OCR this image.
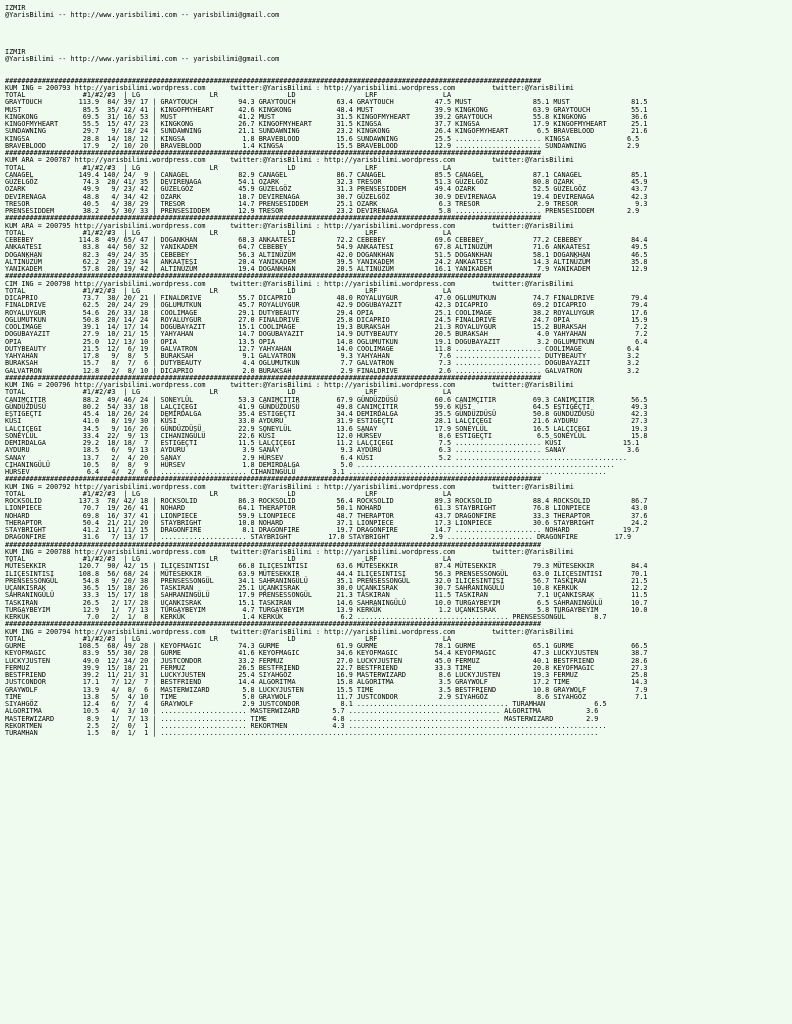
IZMIR
@YarisBilimi -- http://www.yarisbilimi.com -- yarisbilimi@gmail.com
IZMIR
@YarisBilimi -- http://www.yarisbilimi.com -- yarisbilimi@gmail.com
###################################################################################################################################
KUM ING = 200793 http://yarisbilimi.wordpress.com      twitter:@YarisBilimi : http://yarisbilimi.wordpress.com         twitter:@YarisBilimi
TOTAL              #1/#2/#3  | LG                 LR                 LD                 LRF                LA
GRAYTOUCH         113.9  84/ 39/ 17 | GRAYTOUCH          94.3 GRAYTOUCH          63.4 GRAYTOUCH          47.5 MUST               85.1 MUST               81.5
MUST               85.5  35/ 42/ 41 | KINGOFMYHEART      42.6 KINGKONG           48.4 MUST               39.9 KINGKONG           63.9 GRAYTOUCH          55.1
KINGKONG           69.5  31/ 16/ 53 | MUST               41.2 MUST               31.5 KINGOFMYHEART      39.2 GRAYTOUCH          55.8 KINGKONG           36.6
KINGOFMYHEART      55.5  15/ 47/ 23 | KINGKONG           26.7 KINGOFMYHEART      31.5 KINGSA             37.7 KINGSA             17.9 KINGOFMYHEART      25.1
SUNDAWNING         29.7   9/ 18/ 24 | SUNDAWNING         21.1 SUNDAWNING         23.2 KINGKONG           26.4 KINGOFMYHEART       6.5 BRAVEBLOOD         21.6
KINGSA             28.8  14/ 18/ 12 | KINGSA              1.8 BRAVEBLOOD         15.6 SUNDAWNING         25.5 ..................... KINGSA              6.5
BRAVEBLOOD         17.9   2/ 10/ 20 | BRAVEBLOOD          1.4 KINGSA             15.5 BRAVEBLOOD         12.9 ..................... SUNDAWNING          2.9
###################################################################################################################################
KUM ARA = 200787 http://yarisbilimi.wordpress.com      twitter:@YarisBilimi : http://yarisbilimi.wordpress.com         twitter:@YarisBilimi
TOTAL              #1/#2/#3  | LG                 LR                 LD                 LRF                LA
CANAGEL           149.4 140/ 24/  9 | CANAGEL            82.9 CANAGEL            86.7 CANAGEL            85.5 CANAGEL            87.1 CANAGEL            85.1
GÜZELGÖZ           74.3  28/ 41/ 35 | DEVIRENAGA         54.1 OZARK              32.3 TRESOR             51.3 GÜZELGÖZ           80.8 OZARK              45.9
OZARK              49.9   9/ 23/ 42 | GÜZELGÖZ           45.9 GÜZELGÖZ           31.3 PRENSESIDDEM       49.4 OZARK              52.5 GÜZELGÖZ           43.7
DEVIRENAGA         48.8   4/ 34/ 42 | OZARK              18.7 DEVIRENAGA         30.7 GÜZELGÖZ           30.9 DEVIRENAGA         19.4 DEVIRENAGA         42.3
TRESOR             40.5   4/ 38/ 29 | TRESOR             14.7 PRENSESIDDEM       25.1 OZARK               6.3 TRESOR              2.9 TRESOR              9.3
PRENSESIDDEM       38.2   5/ 30/ 33 | PRENSESIDDEM       12.9 TRESOR             23.2 DEVIRENAGA          5.8 ..................... PRENSESIDDEM        2.9
###################################################################################################################################
KUM ARA = 200795 http://yarisbilimi.wordpress.com      twitter:@YarisBilimi : http://yarisbilimi.wordpress.com         twitter:@YarisBilimi
TOTAL              #1/#2/#3  | LG                 LR                 LD                 LRF                LA
CEBEBEY           114.8  49/ 65/ 47 | DOGANKHAN          68.3 ANKAATESI          72.2 CEBEBEY            69.6 CEBEBEY            77.2 CEBEBEY            84.4
ANKAATESI          83.8  44/ 50/ 32 | YANIKADEM          64.7 CEBEBEY            54.9 ANKAATESI          67.8 ALTINÜZÜM          71.6 ANKAATESI          49.5
DOGANKHAN          82.3  49/ 24/ 35 | CEBEBEY            56.3 ALTINÜZÜM          42.0 DOGANKHAN          51.5 DOGANKHAN          58.1 DOGANKHAN          46.5
ALTINÜZÜM          62.2  20/ 32/ 34 | ANKAATESI          20.4 YANIKADEM          39.5 YANIKADEM          24.2 ANKAATESI          14.3 ALTINÜZÜM          35.8
YANIKADEM          57.8  28/ 19/ 42 | ALTINÜZÜM          19.4 DOGANKHAN          20.5 ALTINÜZÜM          16.1 YANIKADEM           7.9 YANIKADEM          12.9
###################################################################################################################################
CIM ING = 200798 http://yarisbilimi.wordpress.com      twitter:@YarisBilimi : http://yarisbilimi.wordpress.com         twitter:@YarisBilimi
TOTAL              #1/#2/#3  | LG                 LR                 LD                 LRF                LA
DICAPRIO           73.7  38/ 20/ 21 | FINALDRIVE         55.7 DICAPRIO           48.0 ROYALUYGUR         47.0 OGLUMUTKUN         74.7 FINALDRIVE         79.4
FINALDRIVE         62.5  20/ 24/ 29 | OGLUMUTKUN         45.7 ROYALUYGUR         42.9 DOGUBAYAZIT        42.3 DICAPRIO           69.2 DICAPRIO           79.4
ROYALUYGUR         54.6  26/ 33/ 18 | COOLIMAGE          29.1 DUTYBEAUTY         29.4 OPIA               25.1 COOLIMAGE          38.2 ROYALUYGUR         17.6
OGLUMUTKUN         50.8  20/ 14/ 24 | ROYALUYGUR         27.0 FINALDRIVE         25.8 DICAPRIO           24.5 FINALDRIVE         24.7 OPIA               15.9
COOLIMAGE          39.1  14/ 17/ 14 | DOGUBAYAZIT        15.1 COOLIMAGE          19.3 BURAKSAH           21.3 ROYALUYGUR         15.2 BURAKSAH            7.2
DOGUBAYAZIT        27.9  10/ 21/ 15 | YAHYAHAN           14.7 DOGUBAYAZIT        14.9 DUTYBEAUTY         20.5 BURAKSAH            4.0 YAHYAHAN            7.2
OPIA               25.0  12/ 13/ 10 | OPIA               13.5 OPIA               14.8 OGLUMUTKUN         19.1 DOGUBAYAZIT         3.2 OGLUMUTKUN          6.4
DUTYBEAUTY         21.5  12/  6/ 19 | GALVATRON          12.7 YAHYAHAN           14.0 COOLIMAGE          11.8 ..................... COOLIMAGE           6.4
YAHYAHAN           17.8   9/  8/  5 | BURAKSAH            9.1 GALVATRON           9.3 YAHYAHAN            7.6 ..................... DUTYBEAUTY          3.2
BURAKSAH           15.7   8/  7/  6 | DUTYBEAUTY          4.4 OGLUMUTKUN          7.7 GALVATRON           7.3 ..................... DOGUBAYAZIT         3.2
GALVATRON          12.8   2/  8/ 10 | DICAPRIO            2.0 BURAKSAH            2.9 FINALDRIVE          2.6 ..................... GALVATRON           3.2
###################################################################################################################################
KUM ING = 200796 http://yarisbilimi.wordpress.com      twitter:@YarisBilimi : http://yarisbilimi.wordpress.com         twitter:@YarisBilimi
TOTAL              #1/#2/#3  | LG                 LR                 LD                 LRF                LA
CANIMÇITIR         88.2  49/ 46/ 24 | SONEYLÜL           53.3 CANIMÇITIR         67.9 GÜNDÜZDÜSÜ         60.6 CANIMÇITIR         69.3 CANIMÇITIR         56.5
GÜNDÜZDÜSÜ         80.2  54/ 33/ 18 | LALÇIÇEGI          41.9 GÜNDÜZDÜSÜ         49.8 CANIMÇITIR         59.6 KÜSI               64.5 ESTIGEÇTI          49.3
ESTIGEÇTI          45.4  18/ 26/ 24 | DEMIRDALGA         35.4 ESTIGEÇTI          34.4 DEMIRDALGA         35.5 GÜNDÜZDÜSÜ         50.8 GÜNDÜZDÜSÜ         42.3
KÜSI               41.0   8/ 19/ 30 | KÜSI               33.0 AYDURU             31.9 ESTIGEÇTI          28.1 LALÇIÇEGI          21.6 AYDURU             27.3
LALÇIÇEGI          34.5   9/ 16/ 26 | GÜNDÜZDÜSÜ         22.9 SONEYLÜL           13.6 SANAY              17.9 SONEYLÜL           16.5 LALÇIÇEGI          19.3
SONEYLÜL           33.4  22/  9/ 13 | CIHANINGÜLÜ        22.6 KÜSI               12.0 HÜRSEV              8.6 ESTIGEÇTI           6.5 SONEYLÜL           15.8
DEMIRDALGA         29.2  18/ 18/  7 | ESTIGEÇTI          11.5 LALÇIÇEGI          11.2 LALÇIÇEGI           7.5 ..................... KÜSI               15.1
AYDURU             18.5   6/  9/ 13 | AYDURU              3.9 SANAY               9.3 AYDURU              6.3 ..................... SANAY               3.6
SANAY              13.7   2/  4/ 20 | SANAY               2.9 HÜRSEV              6.4 KÜSI                5.2 ..........................................
CIHANINGÜLÜ        10.5   0/  8/  9 | HÜRSEV              1.8 DEMIRDALGA          5.0 ...............................................................
HÜRSEV              6.4   4/  2/  6 | ..................... CIHANINGÜLÜ         3.1 ...............................................................
###################################################################################################################################
KUM ING = 200792 http://yarisbilimi.wordpress.com      twitter:@YarisBilimi : http://yarisbilimi.wordpress.com         twitter:@YarisBilimi
TOTAL              #1/#2/#3  | LG                 LR                 LD                 LRF                LA
ROCKSOLID         137.3  78/ 42/ 18 | ROCKSOLID          86.3 ROCKSOLID          56.4 ROCKSOLID          89.3 ROCKSOLID          88.4 ROCKSOLID          86.7
LIONPIECE          70.7  19/ 26/ 41 | NOHARD             64.1 THERAPTOR          50.1 NOHARD             61.3 STAYBRIGHT         76.8 LIONPIECE          43.0
NOHARD             69.8  16/ 37/ 41 | LIONPIECE          59.9 LIONPIECE          48.7 THERAPTOR          43.7 DRAGONFIRE         33.3 THERAPTOR          37.6
THERAPTOR          50.4  21/ 21/ 20 | STAYBRIGHT         10.8 NOHARD             37.1 LIONPIECE          17.3 LIONPIECE          30.6 STAYBRIGHT         24.2
STAYBRIGHT         41.2  11/ 11/ 15 | DRAGONFIRE          8.1 DRAGONFIRE         19.7 DRAGONFIRE         14.7 ..................... NOHARD             19.7
DRAGONFIRE         31.6   7/ 13/ 17 | ..................... STAYBRIGHT         17.0 STAYBRIGHT          2.9 ..................... DRAGONFIRE         17.9
###################################################################################################################################
KUM ING = 200788 http://yarisbilimi.wordpress.com      twitter:@YarisBilimi : http://yarisbilimi.wordpress.com         twitter:@YarisBilimi
TOTAL              #1/#2/#3  | LG                 LR                 LD                 LRF                LA
MÜTESEKKIR        120.7  90/ 42/ 15 | ILIÇESINTISI       66.8 ILIÇESINTISI       63.6 MÜTESEKKIR         87.4 MÜTESEKKIR         79.3 MÜTESEKKIR         84.4
ILIÇESINTISI      108.8  56/ 68/ 24 | MÜTESEKKIR         63.9 MÜTESEKKIR         44.4 ILIÇESINTISI       56.3 PRENSESSONGÜL      63.0 ILIÇESINTISI       70.1
PRENSESSONGÜL      54.8   9/ 20/ 38 | PRENSESSONGÜL      34.1 SAHRANINGÜLÜ       35.1 PRENSESSONGÜL      32.0 ILIÇESINTISI       56.7 TASKIRAN           21.5
UÇANKISRAK         36.5  15/ 18/ 26 | TASKIRAN           25.1 UÇANKISRAK         30.0 UÇANKISRAK         30.7 SAHRANINGÜLÜ       10.8 KERKÜK             12.2
SAHRANINGÜLÜ       33.3  15/ 17/ 18 | SAHRANINGÜLÜ       17.9 PRENSESSONGÜL      21.3 TASKIRAN           11.5 TASKIRAN            7.1 UÇANKISRAK         11.5
TASKIRAN           26.5   2/ 17/ 28 | UÇANKISRAK         15.1 TASKIRAN           14.6 SAHRANINGÜLÜ       10.0 TURGAYBEYIM         6.5 SAHRANINGÜLÜ       10.7
TURGAYBEYIM        12.9   1/  7/ 13 | TURGAYBEYIM         4.7 TURGAYBEYIM        13.9 KERKÜK              1.2 UÇANKISRAK          5.8 TURGAYBEYIM        10.0
KERKÜK              7.0   2/  1/  8 | KERKÜK              1.4 KERKÜK              6.2 ..................................... PRENSESSONGÜL       8.7
###################################################################################################################################
KUM ING = 200794 http://yarisbilimi.wordpress.com      twitter:@YarisBilimi : http://yarisbilimi.wordpress.com         twitter:@YarisBilimi
TOTAL              #1/#2/#3  | LG                 LR                 LD                 LRF                LA
GURME             108.5  68/ 49/ 28 | KEYOFMAGIC         74.3 GURME              61.9 GURME              78.1 GURME              65.1 GURME              66.5
KEYOFMAGIC         83.9  55/ 30/ 28 | GURME              41.6 KEYOFMAGIC         34.6 KEYOFMAGIC         54.4 KEYOFMAGIC         47.3 LUCKYJUSTEN        38.7
LUCKYJUSTEN        49.0  12/ 34/ 20 | JUSTCONDOR         33.2 FERMUZ             27.0 LUCKYJUSTEN        45.0 FERMUZ             40.1 BESTFRIEND         28.6
FERMUZ             39.9  15/ 18/ 21 | FERMUZ             26.5 BESTFRIEND         22.7 BESTFRIEND         33.3 TIME               20.8 KEYOFMAGIC         27.3
BESTFRIEND         39.2  11/ 21/ 31 | LUCKYJUSTEN        25.4 SIYAHGÖZ           16.9 MASTERWIZARD        8.6 LUCKYJUSTEN        19.3 FERMUZ             25.8
JUSTCONDOR         17.1   7/ 12/  7 | BESTFRIEND         14.4 ALGORITMA          15.8 ALGORITMA           3.5 GRAYWOLF           17.2 TIME               14.3
GRAYWOLF           13.9   4/  8/  6 | MASTERWIZARD        5.8 LUCKYJUSTEN        15.5 TIME                3.5 BESTFRIEND         10.8 GRAYWOLF            7.9
TIME               13.8   5/  4/ 10 | TIME                5.0 GRAYWOLF           11.7 JUSTCONDOR          2.9 SIYAHGÖZ            8.6 SIYAHGÖZ            7.1
SIYAHGÖZ           12.4   6/  7/  4 | GRAYWOLF            2.9 JUSTCONDOR          8.1 ..................................... TURAMHAN            6.5
ALGORITMA          10.5   4/  3/ 10 | ..................... MASTERWIZARD        5.7 ..................................... ALGORITMA           3.6
MASTERWIZARD        8.9   1/  7/ 13 | ..................... TIME                4.8 ..................................... MASTERWIZARD        2.9
REKORTMEN           2.5   2/  0/  1 | ..................... REKORTMEN           4.3 ...............................................................
TURAMHAN            1.5   0/  1/  1 | ...........................................................................................................
